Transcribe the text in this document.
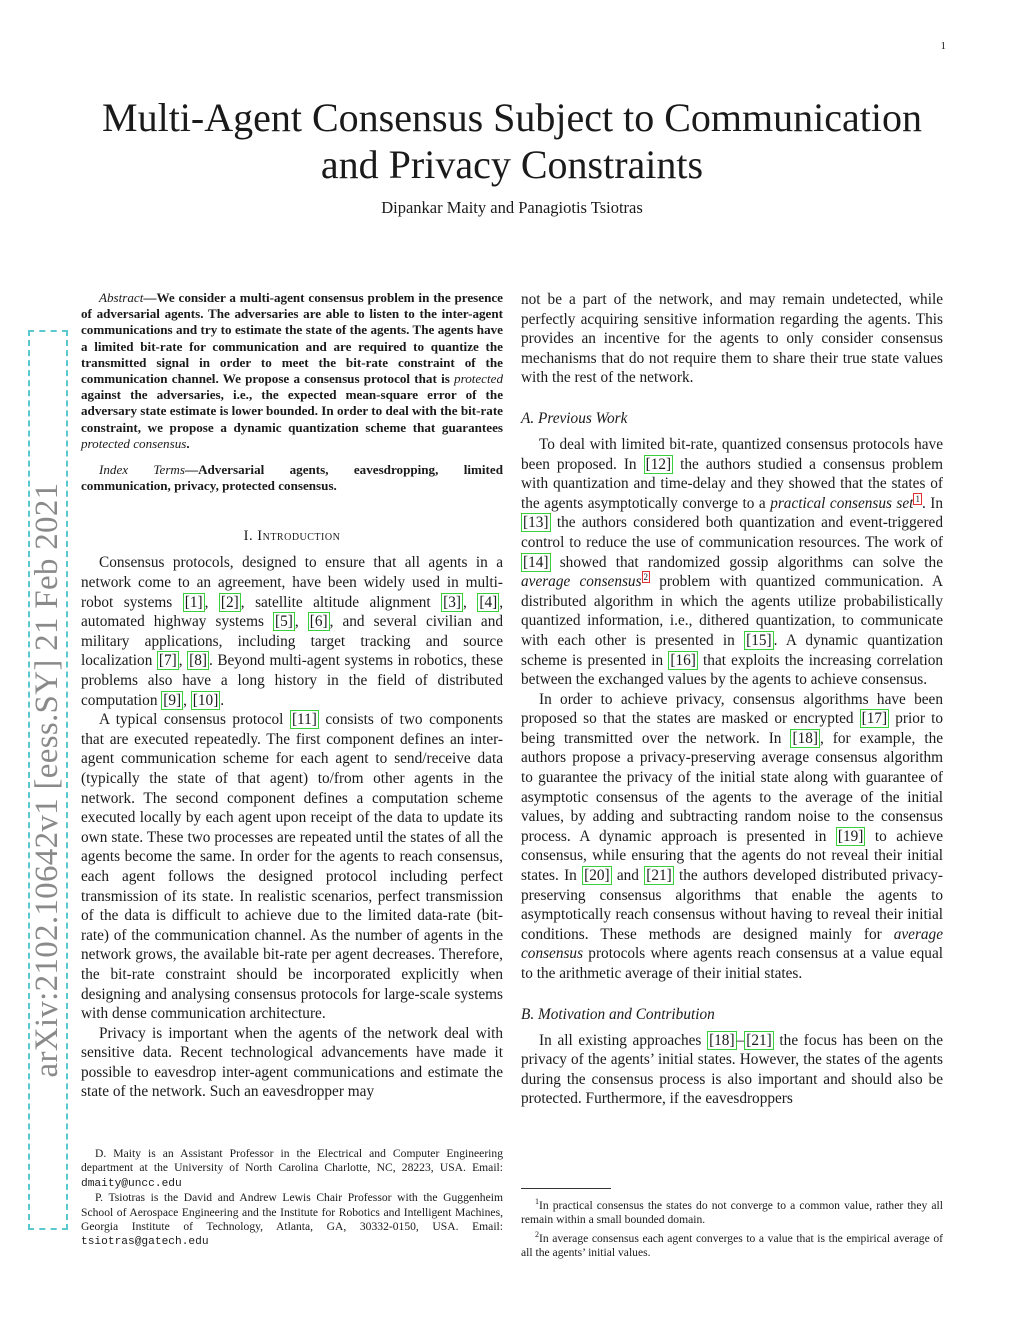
1
arXiv:2102.10642v1 [eess.SY] 21 Feb 2021
Multi-Agent Consensus Subject to Communication
and Privacy Constraints
Dipankar Maity and Panagiotis Tsiotras

Abstract—We consider a multi-agent consensus problem in the presence of adversarial agents. The adversaries are able to listen to the inter-agent communications and try to estimate the state of the agents. The agents have a limited bit-rate for communication and are required to quantize the transmitted signal in order to meet the bit-rate constraint of the communication channel. We propose a consensus protocol that is protected against the adversaries, i.e., the expected mean-square error of the adversary state estimate is lower bounded. In order to deal with the bit-rate constraint, we propose a dynamic quantization scheme that guarantees protected consensus.

Index Terms—Adversarial agents, eavesdropping, limited communication, privacy, protected consensus.

I. Introduction

Consensus protocols, designed to ensure that all agents in a network come to an agreement, have been widely used in multi-robot systems [1] , [2] , satellite altitude alignment [3] , [4] , automated highway systems [5] , [6] , and several civilian and military applications, including target tracking and source localization [7] , [8] . Beyond multi-agent systems in robotics, these problems also have a long history in the field of distributed computation [9] , [10] .

A typical consensus protocol [11] consists of two components that are executed repeatedly. The first component defines an inter-agent communication scheme for each agent to send/receive data (typically the state of that agent) to/from other agents in the network. The second component defines a computation scheme executed locally by each agent upon receipt of the data to update its own state. These two processes are repeated until the states of all the agents become the same. In order for the agents to reach consensus, each agent follows the designed protocol including perfect transmission of its state. In realistic scenarios, perfect transmission of the data is difficult to achieve due to the limited data-rate (bit-rate) of the communication channel. As the number of agents in the network grows, the available bit-rate per agent decreases. Therefore, the bit-rate constraint should be incorporated explicitly when designing and analysing consensus protocols for large-scale systems with dense communication architecture.

Privacy is important when the agents of the network deal with sensitive data. Recent technological advancements have made it possible to eavesdrop inter-agent communications and estimate the state of the network. Such an eavesdropper may

D. Maity is an Assistant Professor in the Electrical and Computer Engineering department at the University of North Carolina Charlotte, NC, 28223, USA. Email: dmaity@uncc.edu

P. Tsiotras is the David and Andrew Lewis Chair Professor with the Guggenheim School of Aerospace Engineering and the Institute for Robotics and Intelligent Machines, Georgia Institute of Technology, Atlanta, GA, 30332-0150, USA. Email: tsiotras@gatech.edu

not be a part of the network, and may remain undetected, while perfectly acquiring sensitive information regarding the agents. This provides an incentive for the agents to only consider consensus mechanisms that do not require them to share their true state values with the rest of the network.

A. Previous Work

To deal with limited bit-rate, quantized consensus protocols have been proposed. In [12] the authors studied a consensus problem with quantization and time-delay and they showed that the states of the agents asymptotically converge to a practical consensus set $^1$ . In [13] the authors considered both quantization and event-triggered control to reduce the use of communication resources. The work of [14] showed that randomized gossip algorithms can solve the average consensus $^2$ problem with quantized communication. A distributed algorithm in which the agents utilize probabilistically quantized information, i.e., dithered quantization, to communicate with each other is presented in [15] . A dynamic quantization scheme is presented in [16] that exploits the increasing correlation between the exchanged values by the agents to achieve consensus.

In order to achieve privacy, consensus algorithms have been proposed so that the states are masked or encrypted [17] prior to being transmitted over the network. In [18] , for example, the authors propose a privacy-preserving average consensus algorithm to guarantee the privacy of the initial state along with guarantee of asymptotic consensus of the agents to the average of the initial values, by adding and subtracting random noise to the consensus process. A dynamic approach is presented in [19] to achieve consensus, while ensuring that the agents do not reveal their initial states. In [20] and [21] the authors developed distributed privacy-preserving consensus algorithms that enable the agents to asymptotically reach consensus without having to reveal their initial conditions. These methods are designed mainly for average consensus protocols where agents reach consensus at a value equal to the arithmetic average of their initial states.

B. Motivation and Contribution

In all existing approaches [18] – [21] the focus has been on the privacy of the agents’ initial states. However, the states of the agents during the consensus process is also important and should also be protected. Furthermore, if the eavesdroppers

$^1$In practical consensus the states do not converge to a common value, rather they all remain within a small bounded domain.

$^2$In average consensus each agent converges to a value that is the empirical average of all the agents’ initial values.
